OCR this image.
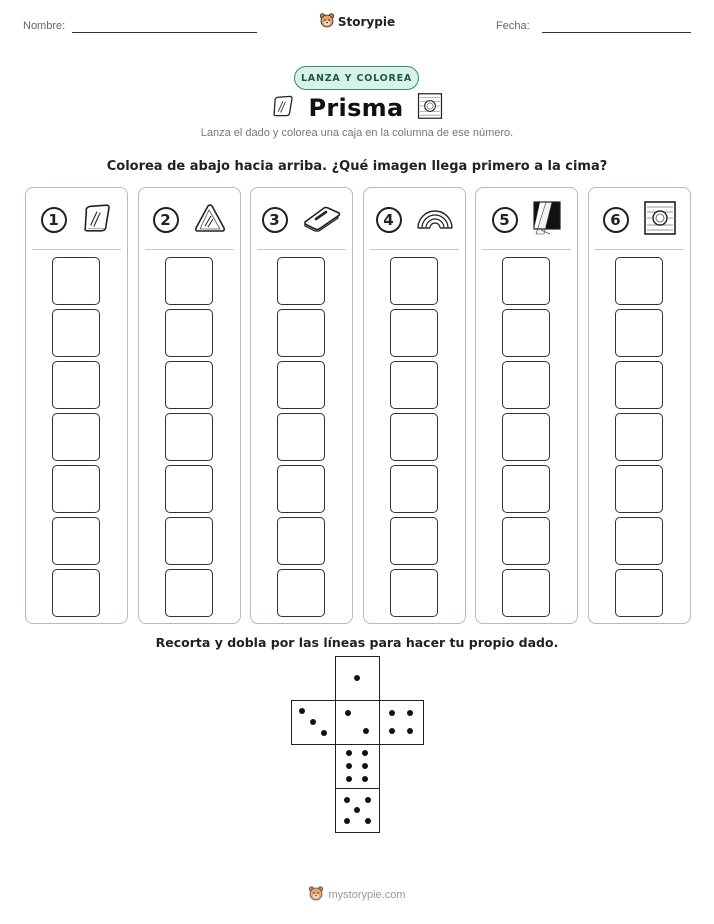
Nombre:	Storypie	Fecha:
LANZA Y COLOREA
Prisma
Lanza el dado y colorea una caja en la columna de ese número.
Colorea de abajo hacia arriba. ¿Qué imagen llega primero a la cima?
1	2	3	4	5	6
Recorta y dobla por las líneas para hacer tu propio dado.
mystorypie.com
